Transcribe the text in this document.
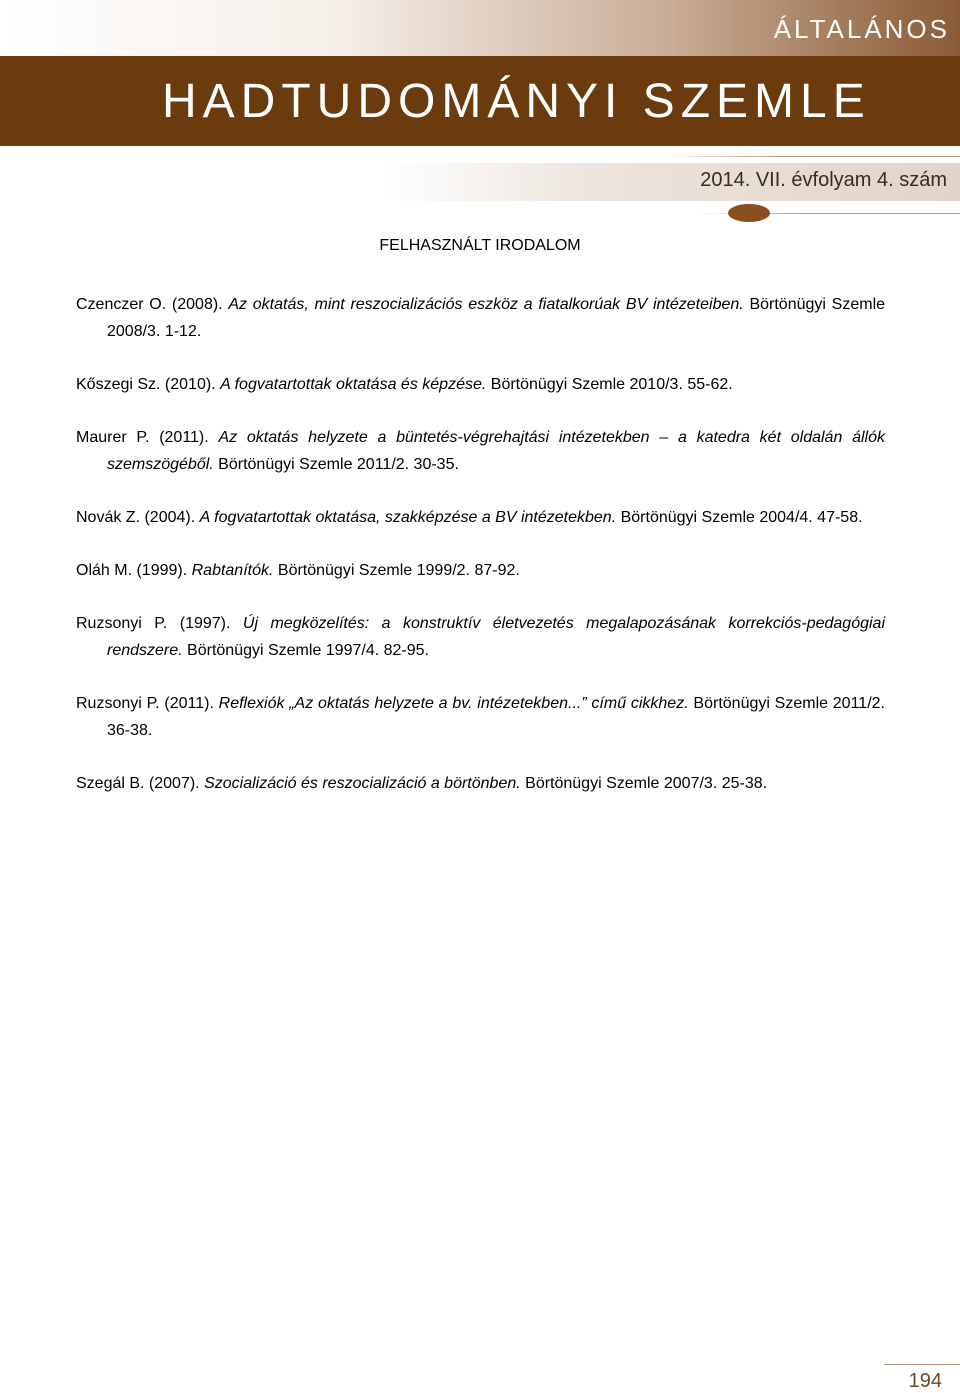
ÁLTALÁNOS
HADTUDOMÁNYI SZEMLE
2014. VII. évfolyam 4. szám
FELHASZNÁLT IRODALOM

Czenczer O. (2008). Az oktatás, mint reszocializációs eszköz a fiatalkorúak BV intézeteiben. Börtönügyi Szemle 2008/3. 1-12.

Kőszegi Sz. (2010). A fogvatartottak oktatása és képzése. Börtönügyi Szemle 2010/3. 55-62.

Maurer P. (2011). Az oktatás helyzete a büntetés-végrehajtási intézetekben – a katedra két oldalán állók szemszögéből. Börtönügyi Szemle 2011/2. 30-35.

Novák Z. (2004). A fogvatartottak oktatása, szakképzése a BV intézetekben. Börtönügyi Szemle 2004/4. 47-58.

Oláh M. (1999). Rabtanítók. Börtönügyi Szemle 1999/2. 87-92.

Ruzsonyi P. (1997). Új megközelítés: a konstruktív életvezetés megalapozásának korrekciós-pedagógiai rendszere. Börtönügyi Szemle 1997/4. 82-95.

Ruzsonyi P. (2011). Reflexiók „Az oktatás helyzete a bv. intézetekben...” című cikkhez. Börtönügyi Szemle 2011/2. 36-38.

Szegál B. (2007). Szocializáció és reszocializáció a börtönben. Börtönügyi Szemle 2007/3. 25-38.

194
